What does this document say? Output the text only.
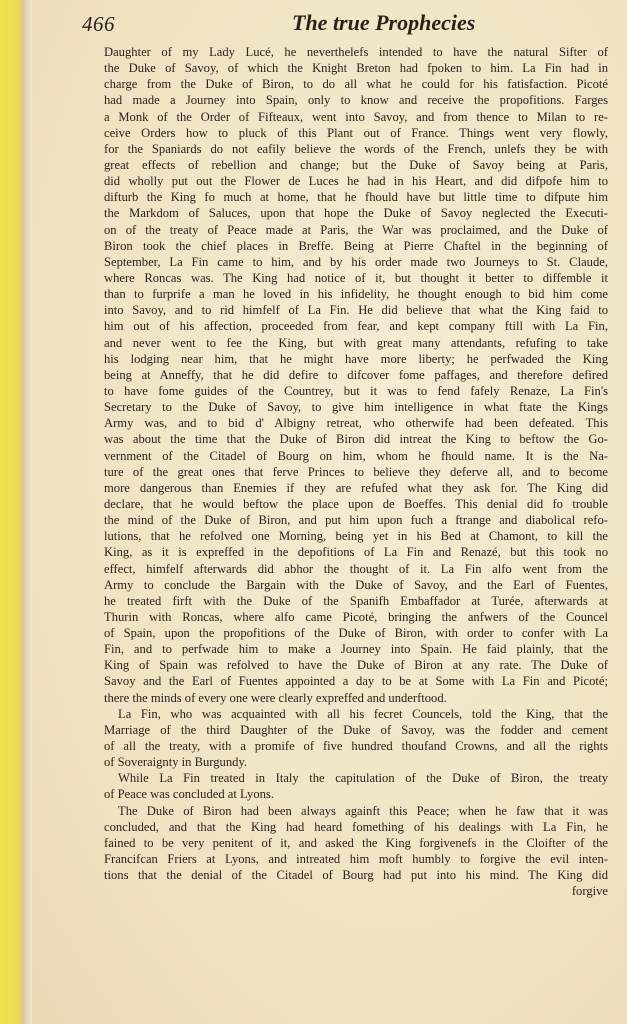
466	The true Prophecies
Daughter of my Lady Lucé, he neverthelefs intended to have the natural Sifter of
the Duke of Savoy, of which the Knight Breton had fpoken to him. La Fin had in
charge from the Duke of Biron, to do all what he could for his fatisfaction. Picoté
had made a Journey into Spain, only to know and receive the propofitions. Farges
a Monk of the Order of Fifteaux, went into Savoy, and from thence to Milan to re-
ceive Orders how to pluck of this Plant out of France. Things went very flowly,
for the Spaniards do not eafily believe the words of the French, unlefs they be with
great effects of rebellion and change; but the Duke of Savoy being at Paris,
did wholly put out the Flower de Luces he had in his Heart, and did difpofe him to
difturb the King fo much at home, that he fhould have but little time to difpute him
the Markdom of Saluces, upon that hope the Duke of Savoy neglected the Executi-
on of the treaty of Peace made at Paris, the War was proclaimed, and the Duke of
Biron took the chief places in Breffe. Being at Pierre Chaftel in the beginning of
September, La Fin came to him, and by his order made two Journeys to St. Claude,
where Roncas was. The King had notice of it, but thought it better to diffemble it
than to furprife a man he loved in his infidelity, he thought enough to bid him come
into Savoy, and to rid himfelf of La Fin. He did believe that what the King faid to
him out of his affection, proceeded from fear, and kept company ftill with La Fin,
and never went to fee the King, but with great many attendants, refufing to take
his lodging near him, that he might have more liberty; he perfwaded the King
being at Anneffy, that he did defire to difcover fome paffages, and therefore defired
to have fome guides of the Countrey, but it was to fend fafely Renaze, La Fin's
Secretary to the Duke of Savoy, to give him intelligence in what ftate the Kings
Army was, and to bid d' Albigny retreat, who otherwife had been defeated. This
was about the time that the Duke of Biron did intreat the King to beftow the Go-
vernment of the Citadel of Bourg on him, whom he fhould name. It is the Na-
ture of the great ones that ferve Princes to believe they deferve all, and to become
more dangerous than Enemies if they are refufed what they ask for. The King did
declare, that he would beftow the place upon de Boeffes. This denial did fo trouble
the mind of the Duke of Biron, and put him upon fuch a ftrange and diabolical refo-
lutions, that he refolved one Morning, being yet in his Bed at Chamont, to kill the
King, as it is expreffed in the depofitions of La Fin and Renazé, but this took no
effect, himfelf afterwards did abhor the thought of it. La Fin alfo went from the
Army to conclude the Bargain with the Duke of Savoy, and the Earl of Fuentes,
he treated firft with the Duke of the Spanifh Embaffador at Turée, afterwards at
Thurin with Roncas, where alfo came Picoté, bringing the anfwers of the Councel
of Spain, upon the propofitions of the Duke of Biron, with order to confer with La
Fin, and to perfwade him to make a Journey into Spain. He faid plainly, that the
King of Spain was refolved to have the Duke of Biron at any rate. The Duke of
Savoy and the Earl of Fuentes appointed a day to be at Some with La Fin and Picoté;
there the minds of every one were clearly expreffed and underftood.
La Fin, who was acquainted with all his fecret Councels, told the King, that the
Marriage of the third Daughter of the Duke of Savoy, was the fodder and cement
of all the treaty, with a promife of five hundred thoufand Crowns, and all the rights
of Soveraignty in Burgundy.
While La Fin treated in Italy the capitulation of the Duke of Biron, the treaty
of Peace was concluded at Lyons.
The Duke of Biron had been always againft this Peace; when he faw that it was
concluded, and that the King had heard fomething of his dealings with La Fin, he
fained to be very penitent of it, and asked the King forgivenefs in the Cloifter of the
Francifcan Friers at Lyons, and intreated him moft humbly to forgive the evil inten-
tions that the denial of the Citadel of Bourg had put into his mind. The King did
forgive
